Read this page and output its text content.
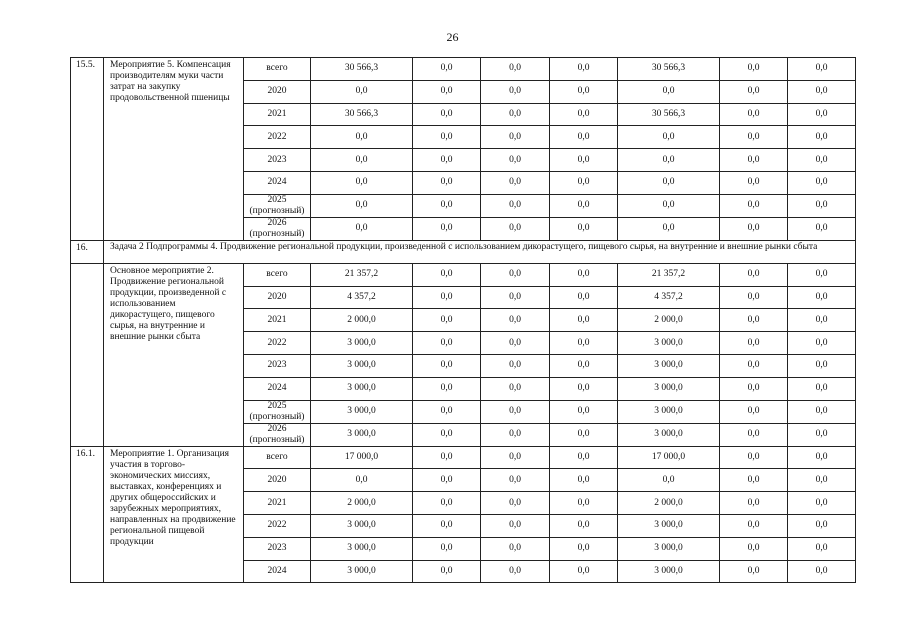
26
15.5.	Мероприятие 5. Компенсация производителям муки части затрат на закупку продовольственной пшеницы	всего	30 566,3	0,0	0,0	0,0	30 566,3	0,0	0,0
		2020	0,0	0,0	0,0	0,0	0,0	0,0	0,0
		2021	30 566,3	0,0	0,0	0,0	30 566,3	0,0	0,0
		2022	0,0	0,0	0,0	0,0	0,0	0,0	0,0
		2023	0,0	0,0	0,0	0,0	0,0	0,0	0,0
		2024	0,0	0,0	0,0	0,0	0,0	0,0	0,0
		2025 (прогнозный)	0,0	0,0	0,0	0,0	0,0	0,0	0,0
		2026 (прогнозный)	0,0	0,0	0,0	0,0	0,0	0,0	0,0
16.	Задача 2 Подпрограммы 4. Продвижение региональной продукции, произведенной с использованием дикорастущего, пищевого сырья, на внутренние и внешние рынки сбыта								

	Основное мероприятие 2. Продвижение региональной продукции, произведенной с использованием дикорастущего, пищевого сырья, на внутренние и внешние рынки сбыта	всего	21 357,2	0,0	0,0	0,0	21 357,2	0,0	0,0
		2020	4 357,2	0,0	0,0	0,0	4 357,2	0,0	0,0
		2021	2 000,0	0,0	0,0	0,0	2 000,0	0,0	0,0
		2022	3 000,0	0,0	0,0	0,0	3 000,0	0,0	0,0
		2023	3 000,0	0,0	0,0	0,0	3 000,0	0,0	0,0
		2024	3 000,0	0,0	0,0	0,0	3 000,0	0,0	0,0
		2025 (прогнозный)	3 000,0	0,0	0,0	0,0	3 000,0	0,0	0,0
		2026 (прогнозный)	3 000,0	0,0	0,0	0,0	3 000,0	0,0	0,0
16.1.	Мероприятие 1. Организация участия в торгово-экономических миссиях, выставках, конференциях и других общероссийских и зарубежных мероприятиях, направленных на продвижение региональной пищевой продукции	всего	17 000,0	0,0	0,0	0,0	17 000,0	0,0	0,0
		2020	0,0	0,0	0,0	0,0	0,0	0,0	0,0
		2021	2 000,0	0,0	0,0	0,0	2 000,0	0,0	0,0
		2022	3 000,0	0,0	0,0	0,0	3 000,0	0,0	0,0
		2023	3 000,0	0,0	0,0	0,0	3 000,0	0,0	0,0
		2024	3 000,0	0,0	0,0	0,0	3 000,0	0,0	0,0
